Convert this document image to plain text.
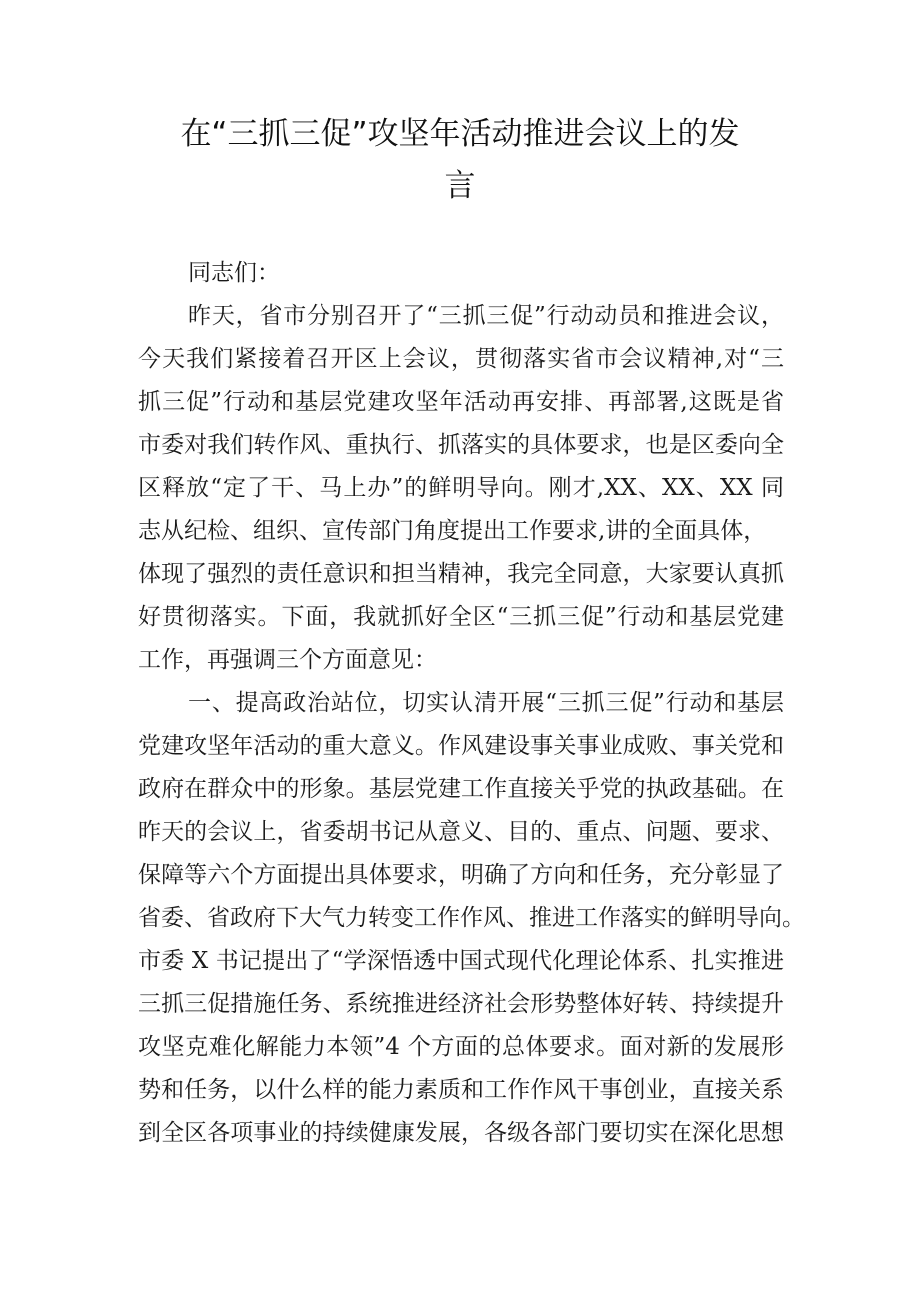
在“三抓三促”攻坚年活动推进会议上的发
言

同志们：

昨天，省市分别召开了“三抓三促”行动动员和推进会议，

今天我们紧接着召开区上会议，贯彻落实省市会议精神,对“三

抓三促”行动和基层党建攻坚年活动再安排、再部署,这既是省

市委对我们转作风、重执行、抓落实的具体要求，也是区委向全

区释放“定了干、马上办”的鲜明导向。刚才,XX、XX、XX 同

志从纪检、组织、宣传部门角度提出工作要求,讲的全面具体，

体现了强烈的责任意识和担当精神，我完全同意，大家要认真抓

好贯彻落实。下面，我就抓好全区“三抓三促”行动和基层党建

工作，再强调三个方面意见：

一、提高政治站位，切实认清开展“三抓三促”行动和基层

党建攻坚年活动的重大意义。作风建设事关事业成败、事关党和

政府在群众中的形象。基层党建工作直接关乎党的执政基础。在

昨天的会议上，省委胡书记从意义、目的、重点、问题、要求、

保障等六个方面提出具体要求，明确了方向和任务，充分彰显了

省委、省政府下大气力转变工作作风、推进工作落实的鲜明导向。

市委 X 书记提出了“学深悟透中国式现代化理论体系、扎实推进

三抓三促措施任务、系统推进经济社会形势整体好转、持续提升

攻坚克难化解能力本领”4 个方面的总体要求。面对新的发展形

势和任务，以什么样的能力素质和工作作风干事创业，直接关系

到全区各项事业的持续健康发展，各级各部门要切实在深化思想
